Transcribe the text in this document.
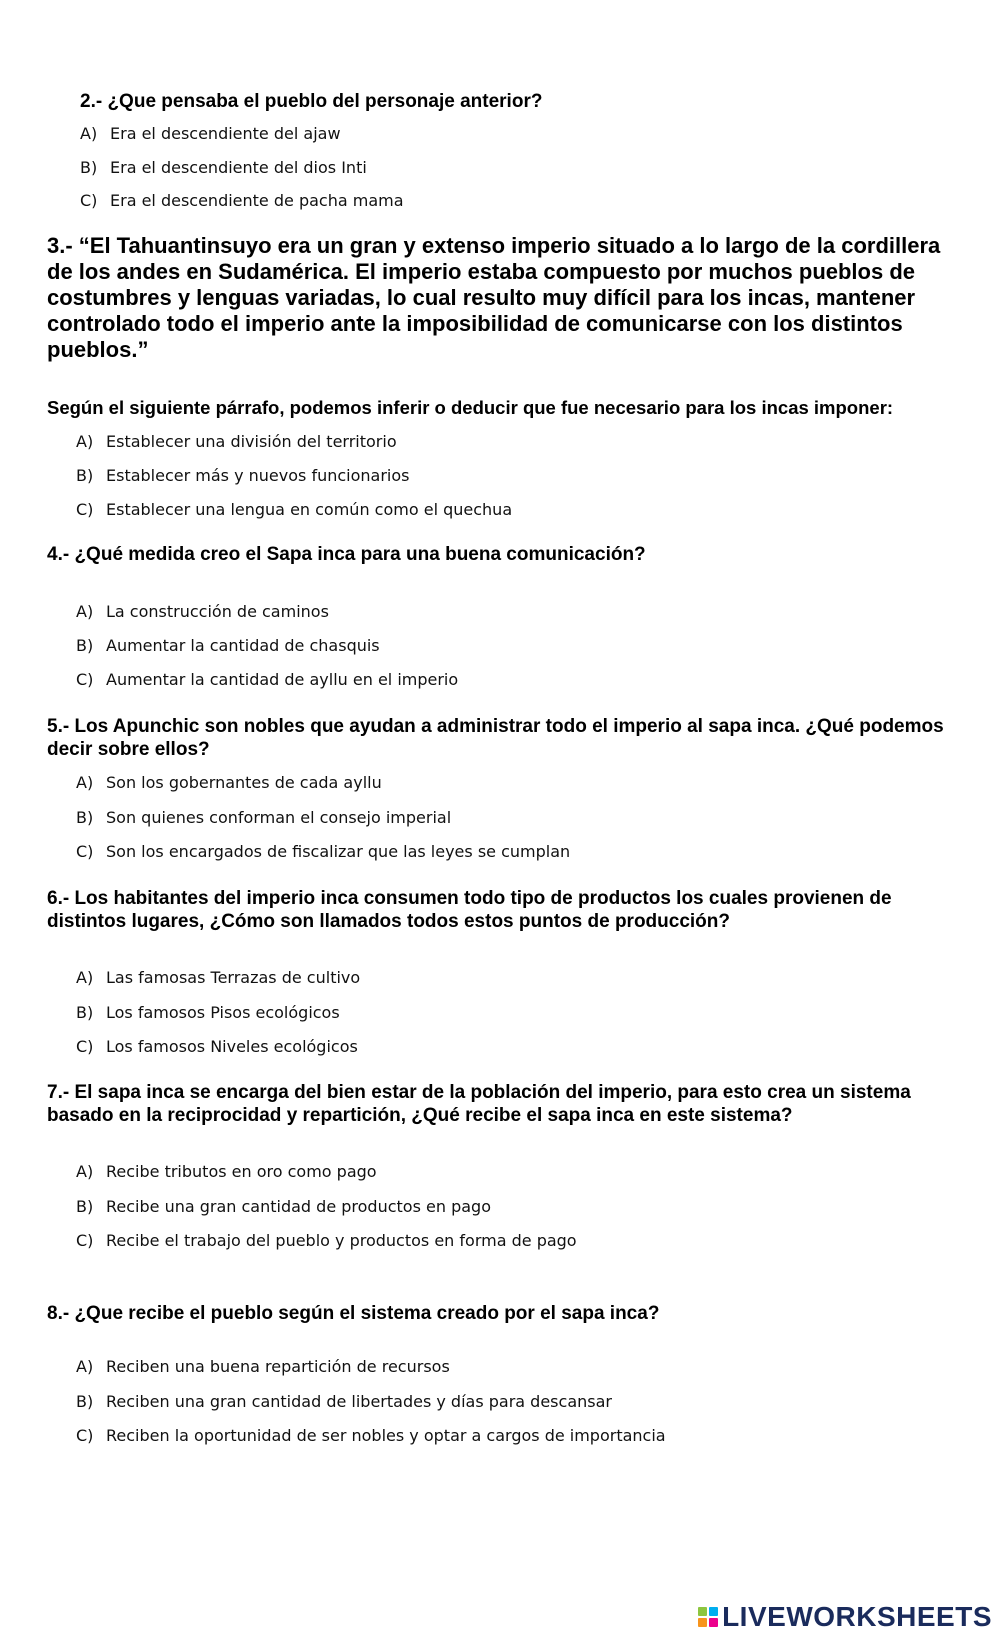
2.- ¿Que pensaba el pueblo del personaje anterior?
A) Era el descendiente del ajaw
B) Era el descendiente del dios Inti
C) Era el descendiente de pacha mama
3.- “El Tahuantinsuyo era un gran y extenso imperio situado a lo largo de la cordillera de los andes en Sudamérica. El imperio estaba compuesto por muchos pueblos de costumbres y lenguas variadas, lo cual resulto muy difícil para los incas, mantener controlado todo el imperio ante la imposibilidad de comunicarse con los distintos pueblos.”
Según el siguiente párrafo, podemos inferir o deducir que fue necesario para los incas imponer:
A) Establecer una división del territorio
B) Establecer más y nuevos funcionarios
C) Establecer una lengua en común como el quechua
4.- ¿Qué medida creo el Sapa inca para una buena comunicación?
A) La construcción de caminos
B) Aumentar la cantidad de chasquis
C) Aumentar la cantidad de ayllu en el imperio
5.- Los Apunchic son nobles que ayudan a administrar todo el imperio al sapa inca. ¿Qué podemos decir sobre ellos?
A) Son los gobernantes de cada ayllu
B) Son quienes conforman el consejo imperial
C) Son los encargados de fiscalizar que las leyes se cumplan
6.- Los habitantes del imperio inca consumen todo tipo de productos los cuales provienen de distintos lugares, ¿Cómo son llamados todos estos puntos de producción?
A) Las famosas Terrazas de cultivo
B) Los famosos Pisos ecológicos
C) Los famosos Niveles ecológicos
7.- El sapa inca se encarga del bien estar de la población del imperio, para esto crea un sistema basado en la reciprocidad y repartición, ¿Qué recibe el sapa inca en este sistema?
A) Recibe tributos en oro como pago
B) Recibe una gran cantidad de productos en pago
C) Recibe el trabajo del pueblo y productos en forma de pago
8.- ¿Que recibe el pueblo según el sistema creado por el sapa inca?
A) Reciben una buena repartición de recursos
B) Reciben una gran cantidad de libertades y días para descansar
C) Reciben la oportunidad de ser nobles y optar a cargos de importancia
LIVEWORKSHEETS
